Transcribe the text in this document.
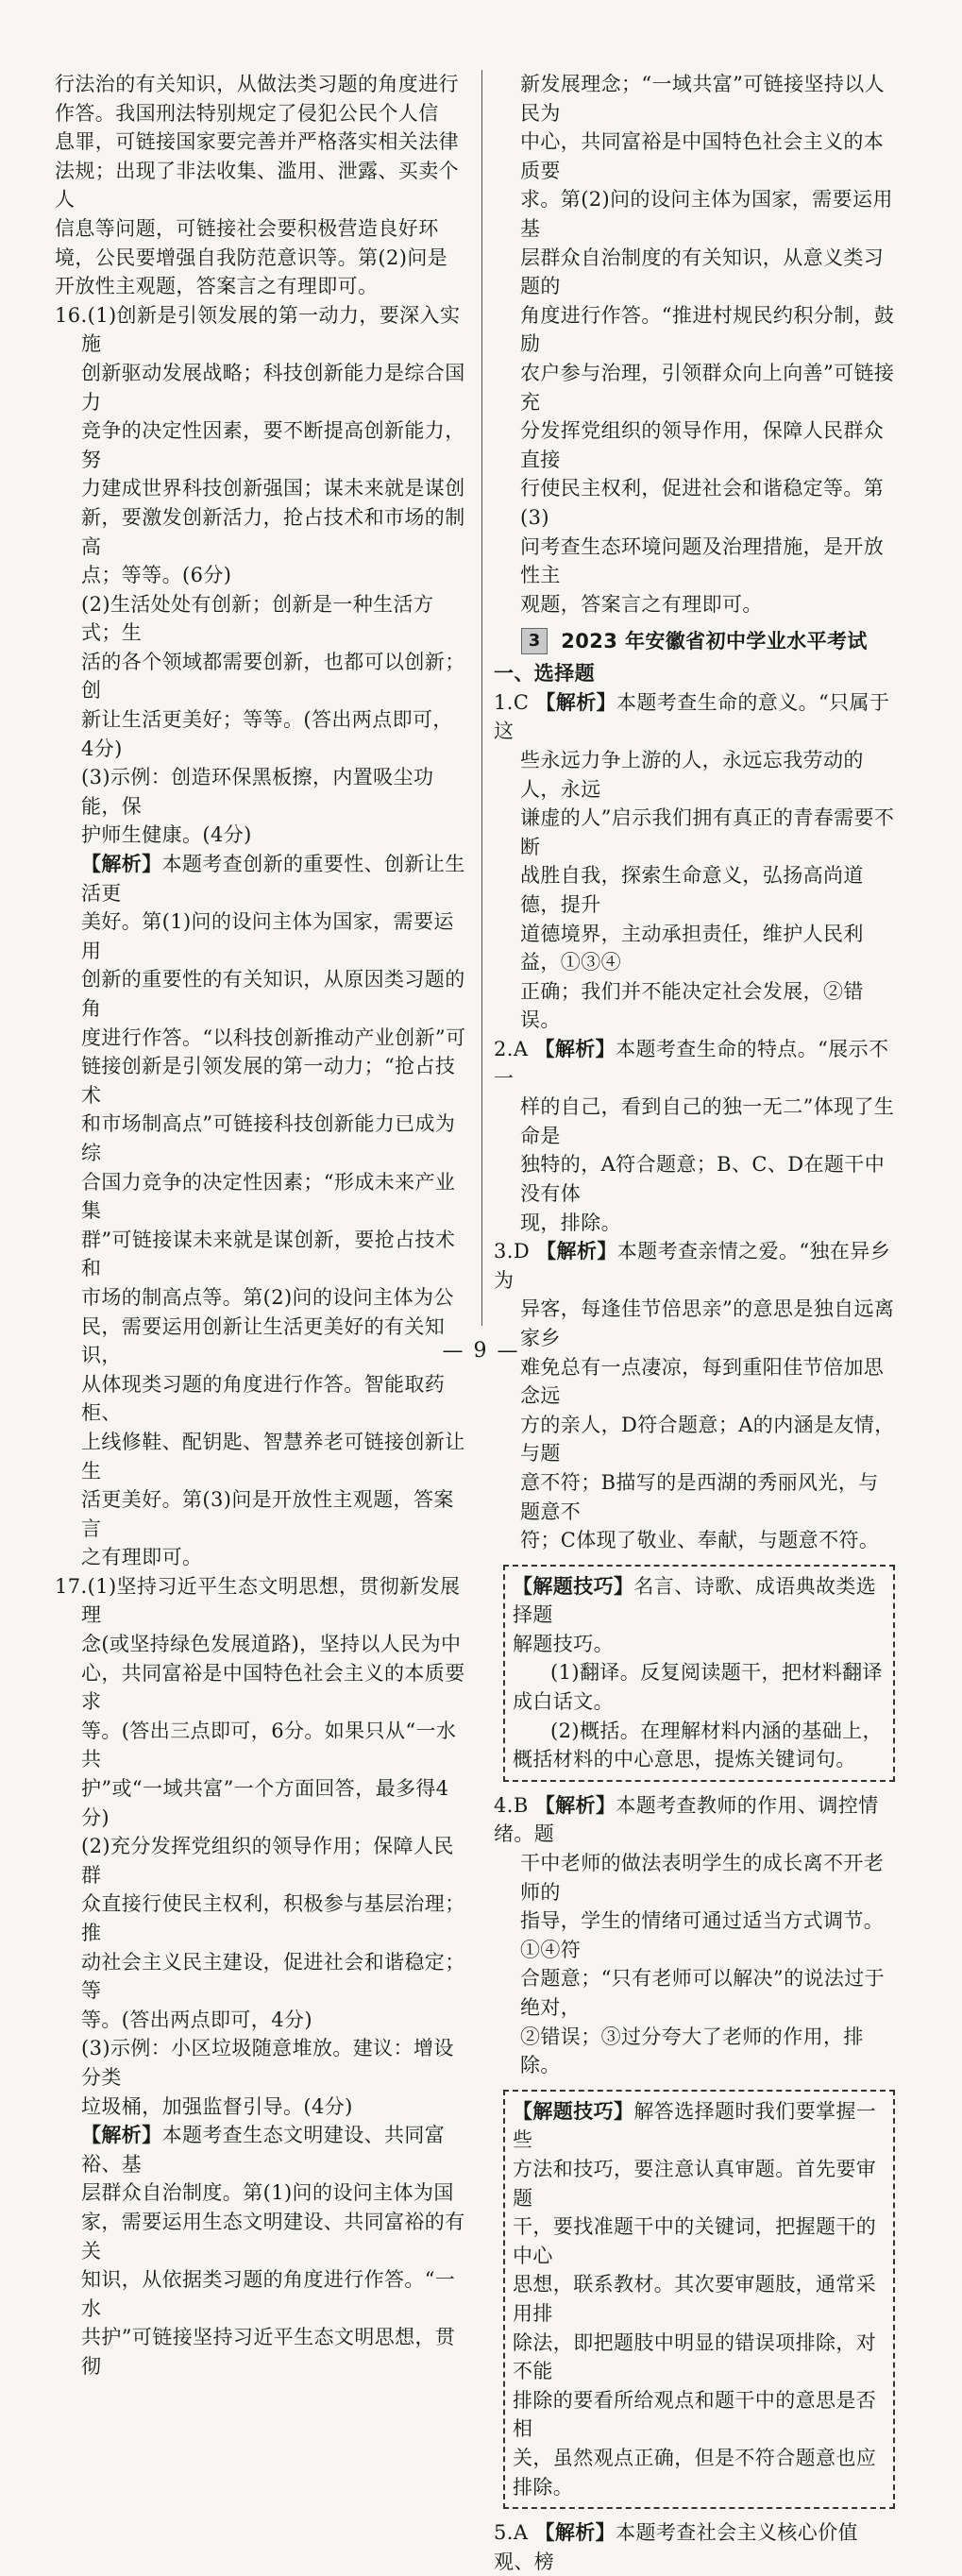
行法治的有关知识，从做法类习题的角度进行

作答。我国刑法特别规定了侵犯公民个人信

息罪，可链接国家要完善并严格落实相关法律

法规；出现了非法收集、滥用、泄露、买卖个人

信息等问题，可链接社会要积极营造良好环

境，公民要增强自我防范意识等。第(2)问是

开放性主观题，答案言之有理即可。

16.(1)创新是引领发展的第一动力，要深入实施

创新驱动发展战略；科技创新能力是综合国力

竞争的决定性因素，要不断提高创新能力，努

力建成世界科技创新强国；谋未来就是谋创

新，要激发创新活力，抢占技术和市场的制高

点；等等。(6分)

(2)生活处处有创新；创新是一种生活方式；生

活的各个领域都需要创新，也都可以创新；创

新让生活更美好；等等。(答出两点即可，

4分)

(3)示例：创造环保黑板擦，内置吸尘功能，保

护师生健康。(4分)

【解析】本题考查创新的重要性、创新让生活更

美好。第(1)问的设问主体为国家，需要运用

创新的重要性的有关知识，从原因类习题的角

度进行作答。“以科技创新推动产业创新”可

链接创新是引领发展的第一动力；“抢占技术

和市场制高点”可链接科技创新能力已成为综

合国力竞争的决定性因素；“形成未来产业集

群”可链接谋未来就是谋创新，要抢占技术和

市场的制高点等。第(2)问的设问主体为公

民，需要运用创新让生活更美好的有关知识，

从体现类习题的角度进行作答。智能取药柜、

上线修鞋、配钥匙、智慧养老可链接创新让生

活更美好。第(3)问是开放性主观题，答案言

之有理即可。

17.(1)坚持习近平生态文明思想，贯彻新发展理

念(或坚持绿色发展道路)，坚持以人民为中

心，共同富裕是中国特色社会主义的本质要求

等。(答出三点即可，6分。如果只从“一水共

护”或“一域共富”一个方面回答，最多得4分)

(2)充分发挥党组织的领导作用；保障人民群

众直接行使民主权利，积极参与基层治理；推

动社会主义民主建设，促进社会和谐稳定；等

等。(答出两点即可，4分)

(3)示例：小区垃圾随意堆放。建议：增设分类

垃圾桶，加强监督引导。(4分)

【解析】本题考查生态文明建设、共同富裕、基

层群众自治制度。第(1)问的设问主体为国

家，需要运用生态文明建设、共同富裕的有关

知识，从依据类习题的角度进行作答。“一水

共护”可链接坚持习近平生态文明思想，贯彻

新发展理念；“一域共富”可链接坚持以人民为

中心，共同富裕是中国特色社会主义的本质要

求。第(2)问的设问主体为国家，需要运用基

层群众自治制度的有关知识，从意义类习题的

角度进行作答。“推进村规民约积分制，鼓励

农户参与治理，引领群众向上向善”可链接充

分发挥党组织的领导作用，保障人民群众直接

行使民主权利，促进社会和谐稳定等。第(3)

问考查生态环境问题及治理措施，是开放性主

观题，答案言之有理即可。

3	2023 年安徽省初中学业水平考试

一、选择题

1.C 【解析】本题考查生命的意义。“只属于这

些永远力争上游的人，永远忘我劳动的人，永远

谦虚的人”启示我们拥有真正的青春需要不断

战胜自我，探索生命意义，弘扬高尚道德，提升

道德境界，主动承担责任，维护人民利益，①③④

正确；我们并不能决定社会发展，②错误。

2.A 【解析】本题考查生命的特点。“展示不一

样的自己，看到自己的独一无二”体现了生命是

独特的，A符合题意；B、C、D在题干中没有体

现，排除。

3.D 【解析】本题考查亲情之爱。“独在异乡为

异客，每逢佳节倍思亲”的意思是独自远离家乡

难免总有一点凄凉，每到重阳佳节倍加思念远

方的亲人，D符合题意；A的内涵是友情，与题

意不符；B描写的是西湖的秀丽风光，与题意不

符；C体现了敬业、奉献，与题意不符。

【解题技巧】名言、诗歌、成语典故类选择题

解题技巧。

(1)翻译。反复阅读题干，把材料翻译

成白话文。

(2)概括。在理解材料内涵的基础上，

概括材料的中心意思，提炼关键词句。

4.B 【解析】本题考查教师的作用、调控情绪。题

干中老师的做法表明学生的成长离不开老师的

指导，学生的情绪可通过适当方式调节。①④符

合题意；“只有老师可以解决”的说法过于绝对，

②错误；③过分夸大了老师的作用，排除。

【解题技巧】解答选择题时我们要掌握一些

方法和技巧，要注意认真审题。首先要审题

干，要找准题干中的关键词，把握题干的中心

思想，联系教材。其次要审题肢，通常采用排

除法，即把题肢中明显的错误项排除，对不能

排除的要看所给观点和题干中的意思是否相

关，虽然观点正确，但是不符合题意也应

排除。

5.A 【解析】本题考查社会主义核心价值观、榜

— 9 —
